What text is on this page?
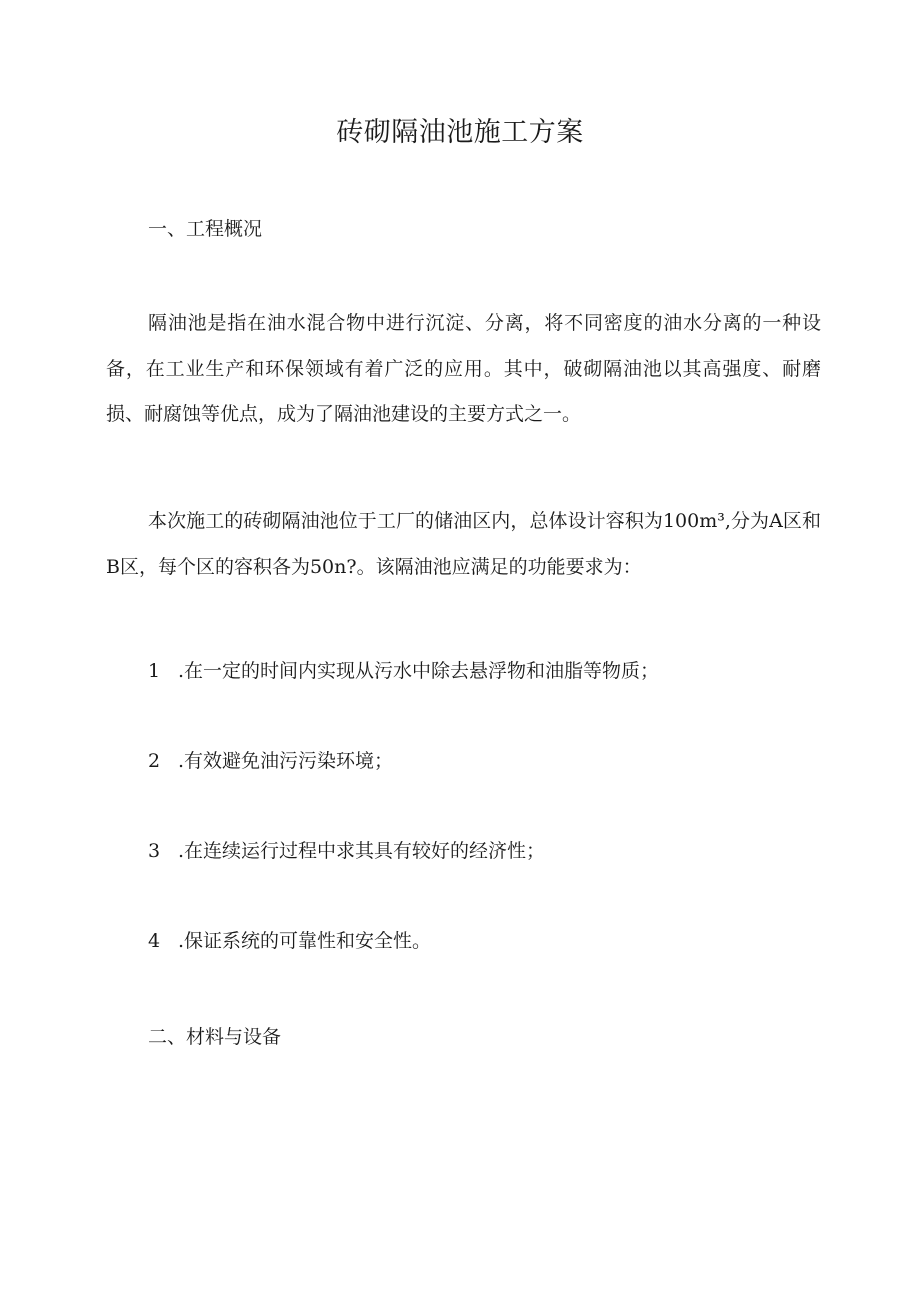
砖砌隔油池施工方案
一、工程概况
隔油池是指在油水混合物中进行沉淀、分离，将不同密度的油水分离的一种设备，在工业生产和环保领域有着广泛的应用。其中，破砌隔油池以其高强度、耐磨损、耐腐蚀等优点，成为了隔油池建设的主要方式之一。
本次施工的砖砌隔油池位于工厂的储油区内，总体设计容积为100m³,分为A区和B区，每个区的容积各为50n?。该隔油池应满足的功能要求为：
1 .在一定的时间内实现从污水中除去悬浮物和油脂等物质；
2 .有效避免油污污染环境；
3 .在连续运行过程中求其具有较好的经济性；
4 .保证系统的可靠性和安全性。
二、材料与设备
